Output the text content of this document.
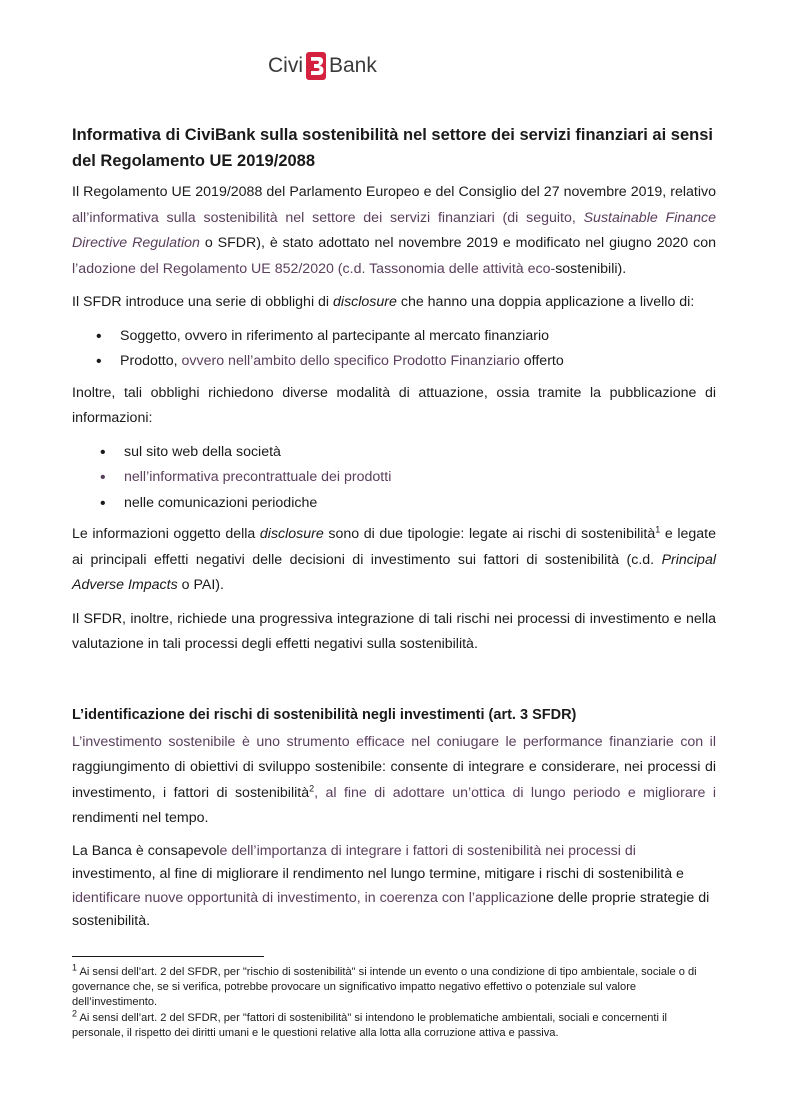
Civi Bank
Informativa di CiviBank sulla sostenibilità nel settore dei servizi finanziari ai sensi del Regolamento UE 2019/2088

Il Regolamento UE 2019/2088 del Parlamento Europeo e del Consiglio del 27 novembre 2019, relativo all’informativa sulla sostenibilità nel settore dei servizi finanziari (di seguito, Sustainable Finance Directive Regulation o SFDR), è stato adottato nel novembre 2019 e modificato nel giugno 2020 con l’adozione del Regolamento UE 852/2020 (c.d. Tassonomia delle attività eco-sostenibili).

Il SFDR introduce una serie di obblighi di disclosure che hanno una doppia applicazione a livello di:

• Soggetto, ovvero in riferimento al partecipante al mercato finanziario
• Prodotto, ovvero nell’ambito dello specifico Prodotto Finanziario offerto

Inoltre, tali obblighi richiedono diverse modalità di attuazione, ossia tramite la pubblicazione di informazioni:

• sul sito web della società
• nell’informativa precontrattuale dei prodotti
• nelle comunicazioni periodiche

Le informazioni oggetto della disclosure sono di due tipologie: legate ai rischi di sostenibilità$^1$ e legate ai principali effetti negativi delle decisioni di investimento sui fattori di sostenibilità (c.d. Principal Adverse Impacts o PAI).

Il SFDR, inoltre, richiede una progressiva integrazione di tali rischi nei processi di investimento e nella valutazione in tali processi degli effetti negativi sulla sostenibilità.

L’identificazione dei rischi di sostenibilità negli investimenti (art. 3 SFDR)

L’investimento sostenibile è uno strumento efficace nel coniugare le performance finanziarie con il raggiungimento di obiettivi di sviluppo sostenibile: consente di integrare e considerare, nei processi di investimento, i fattori di sostenibilità$^2$, al fine di adottare un’ottica di lungo periodo e migliorare i rendimenti nel tempo.

La Banca è consapevole dell’importanza di integrare i fattori di sostenibilità nei processi di investimento, al fine di migliorare il rendimento nel lungo termine, mitigare i rischi di sostenibilità e identificare nuove opportunità di investimento, in coerenza con l’applicazione delle proprie strategie di sostenibilità.

$^1$ Ai sensi dell’art. 2 del SFDR, per "rischio di sostenibilità" si intende un evento o una condizione di tipo ambientale, sociale o di governance che, se si verifica, potrebbe provocare un significativo impatto negativo effettivo o potenziale sul valore dell’investimento.

$^2$ Ai sensi dell’art. 2 del SFDR, per "fattori di sostenibilità" si intendono le problematiche ambientali, sociali e concernenti il personale, il rispetto dei diritti umani e le questioni relative alla lotta alla corruzione attiva e passiva.
